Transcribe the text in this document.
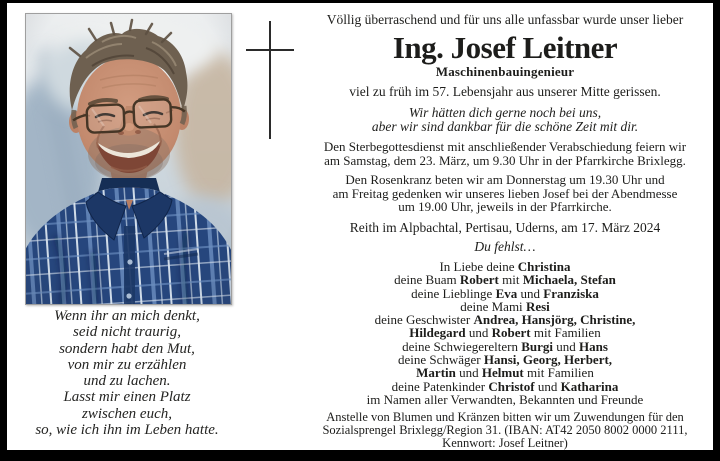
Völlig überraschend und für uns alle unfassbar wurde unser lieber
Ing. Josef Leitner
Maschinenbauingenieur
viel zu früh im 57. Lebensjahr aus unserer Mitte gerissen.
Wir hätten dich gerne noch bei uns,
aber wir sind dankbar für die schöne Zeit mit dir.
Den Sterbegottesdienst mit anschließender Verabschiedung feiern wir
am Samstag, dem 23. März, um 9.30 Uhr in der Pfarrkirche Brixlegg.
Den Rosenkranz beten wir am Donnerstag um 19.30 Uhr und
am Freitag gedenken wir unseres lieben Josef bei der Abendmesse
um 19.00 Uhr, jeweils in der Pfarrkirche.
Reith im Alpbachtal, Pertisau, Uderns, am 17. März 2024
Du fehlst…
In Liebe deine Christina
deine Buam Robert mit Michaela, Stefan
deine Lieblinge Eva und Franziska
deine Mami Resi
deine Geschwister Andrea, Hansjörg, Christine,
Hildegard und Robert mit Familien
deine Schwiegereltern Burgi und Hans
deine Schwäger Hansi, Georg, Herbert,
Martin und Helmut mit Familien
deine Patenkinder Christof und Katharina
im Namen aller Verwandten, Bekannten und Freunde
Anstelle von Blumen und Kränzen bitten wir um Zuwendungen für den
Sozialsprengel Brixlegg/Region 31. (IBAN: AT42 2050 8002 0000 2111,
Kennwort: Josef Leitner)
Wenn ihr an mich denkt,
seid nicht traurig,
sondern habt den Mut,
von mir zu erzählen
und zu lachen.
Lasst mir einen Platz
zwischen euch,
so, wie ich ihn im Leben hatte.
